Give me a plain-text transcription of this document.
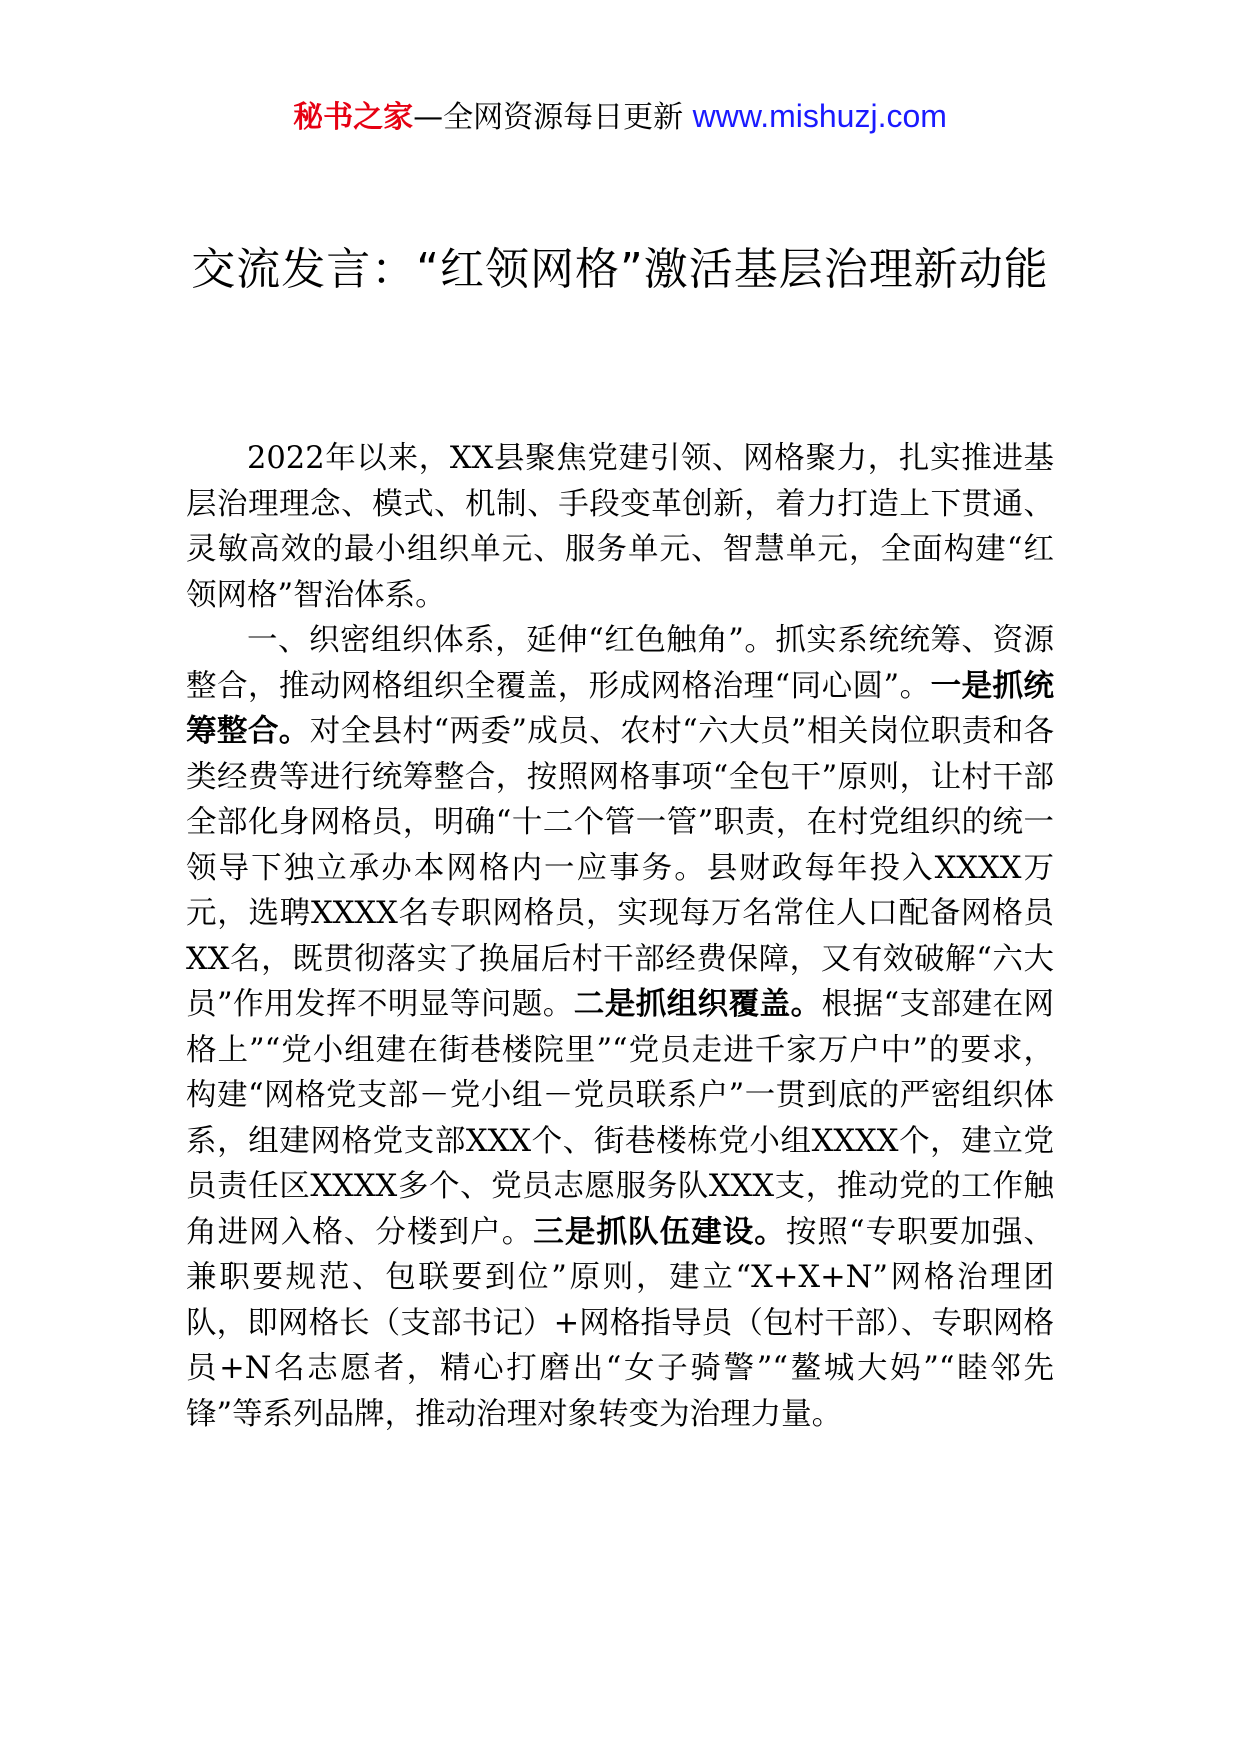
秘书之家—全网资源每日更新 www.mishuzj.com
交流发言：“红领网格”激活基层治理新动能

2022年以来，XX县聚焦党建引领、网格聚力，扎实推进基层治理理念、模式、机制、手段变革创新，着力打造上下贯通、灵敏高效的最小组织单元、服务单元、智慧单元，全面构建“红领网格”智治体系。

一、织密组织体系，延伸“红色触角”。抓实系统统筹、资源整合，推动网格组织全覆盖，形成网格治理“同心圆”。一是抓统筹整合。对全县村“两委”成员、农村“六大员”相关岗位职责和各类经费等进行统筹整合，按照网格事项“全包干”原则，让村干部全部化身网格员，明确“十二个管一管”职责，在村党组织的统一领导下独立承办本网格内一应事务。县财政每年投入XXXX万元，选聘XXXX名专职网格员，实现每万名常住人口配备网格员XX名，既贯彻落实了换届后村干部经费保障，又有效破解“六大员”作用发挥不明显等问题。二是抓组织覆盖。根据“支部建在网格上”“党小组建在街巷楼院里”“党员走进千家万户中”的要求，构建“网格党支部－党小组－党员联系户”一贯到底的严密组织体系，组建网格党支部XXX个、街巷楼栋党小组XXXX个，建立党员责任区XXXX多个、党员志愿服务队XXX支，推动党的工作触角进网入格、分楼到户。三是抓队伍建设。按照“专职要加强、兼职要规范、包联要到位”原则，建立“X+X+N”网格治理团队，即网格长（支部书记）+网格指导员（包村干部）、专职网格员+N名志愿者，精心打磨出“女子骑警”“鳌城大妈”“睦邻先锋”等系列品牌，推动治理对象转变为治理力量。
